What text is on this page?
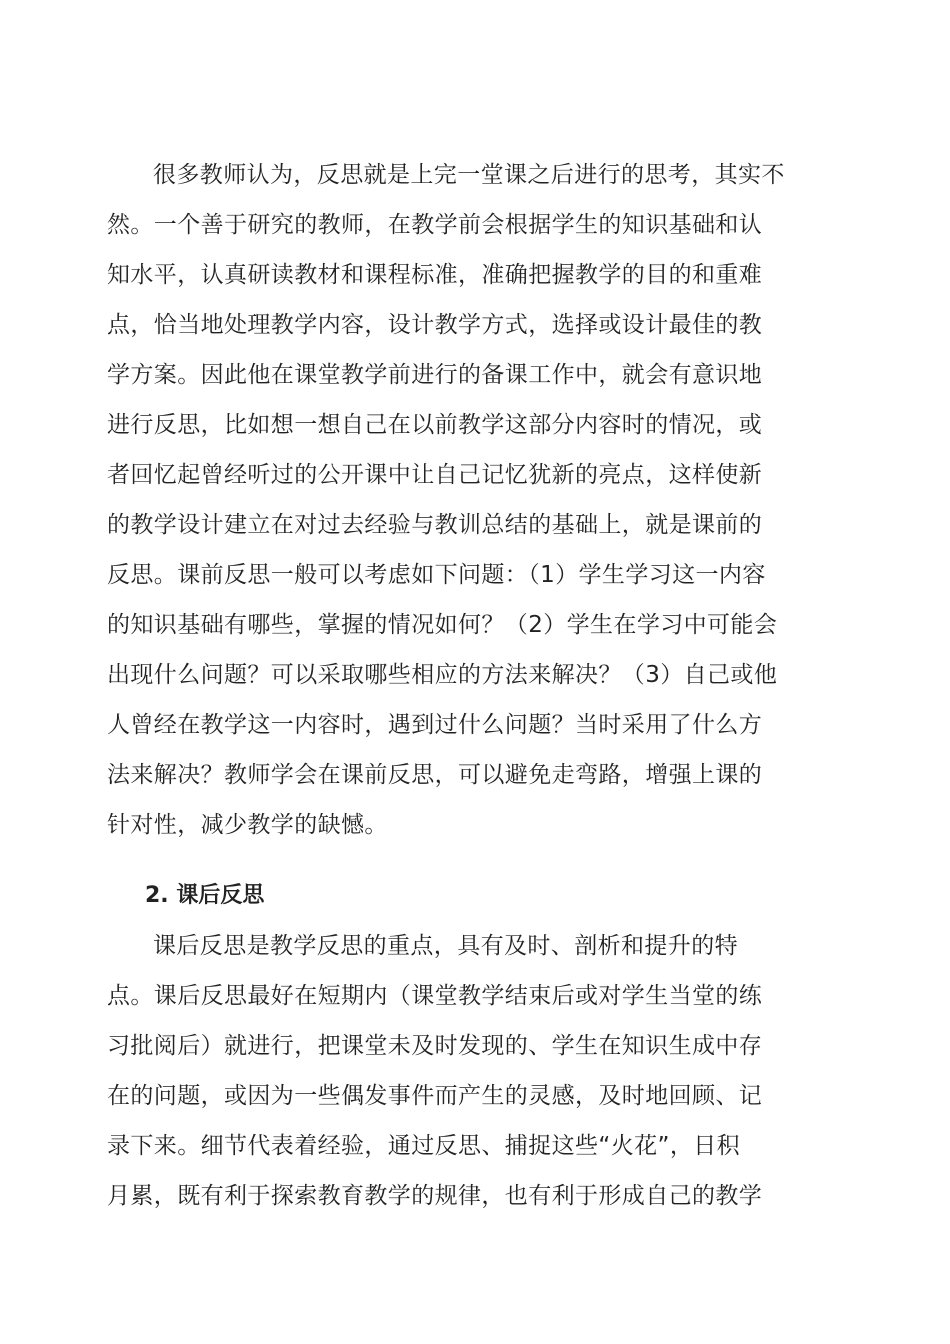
很多教师认为，反思就是上完一堂课之后进行的思考，其实不
然。一个善于研究的教师，在教学前会根据学生的知识基础和认
知水平，认真研读教材和课程标准，准确把握教学的目的和重难
点，恰当地处理教学内容，设计教学方式，选择或设计最佳的教
学方案。因此他在课堂教学前进行的备课工作中，就会有意识地
进行反思，比如想一想自己在以前教学这部分内容时的情况，或
者回忆起曾经听过的公开课中让自己记忆犹新的亮点，这样使新
的教学设计建立在对过去经验与教训总结的基础上，就是课前的
反思。课前反思一般可以考虑如下问题：（1）学生学习这一内容
的知识基础有哪些，掌握的情况如何？（2）学生在学习中可能会
出现什么问题？可以采取哪些相应的方法来解决？（3）自己或他
人曾经在教学这一内容时，遇到过什么问题？当时采用了什么方
法来解决？教师学会在课前反思，可以避免走弯路，增强上课的
针对性，减少教学的缺憾。
2. 课后反思
课后反思是教学反思的重点，具有及时、剖析和提升的特
点。课后反思最好在短期内（课堂教学结束后或对学生当堂的练
习批阅后）就进行，把课堂未及时发现的、学生在知识生成中存
在的问题，或因为一些偶发事件而产生的灵感，及时地回顾、记
录下来。细节代表着经验，通过反思、捕捉这些“火花”，日积
月累，既有利于探索教育教学的规律，也有利于形成自己的教学
